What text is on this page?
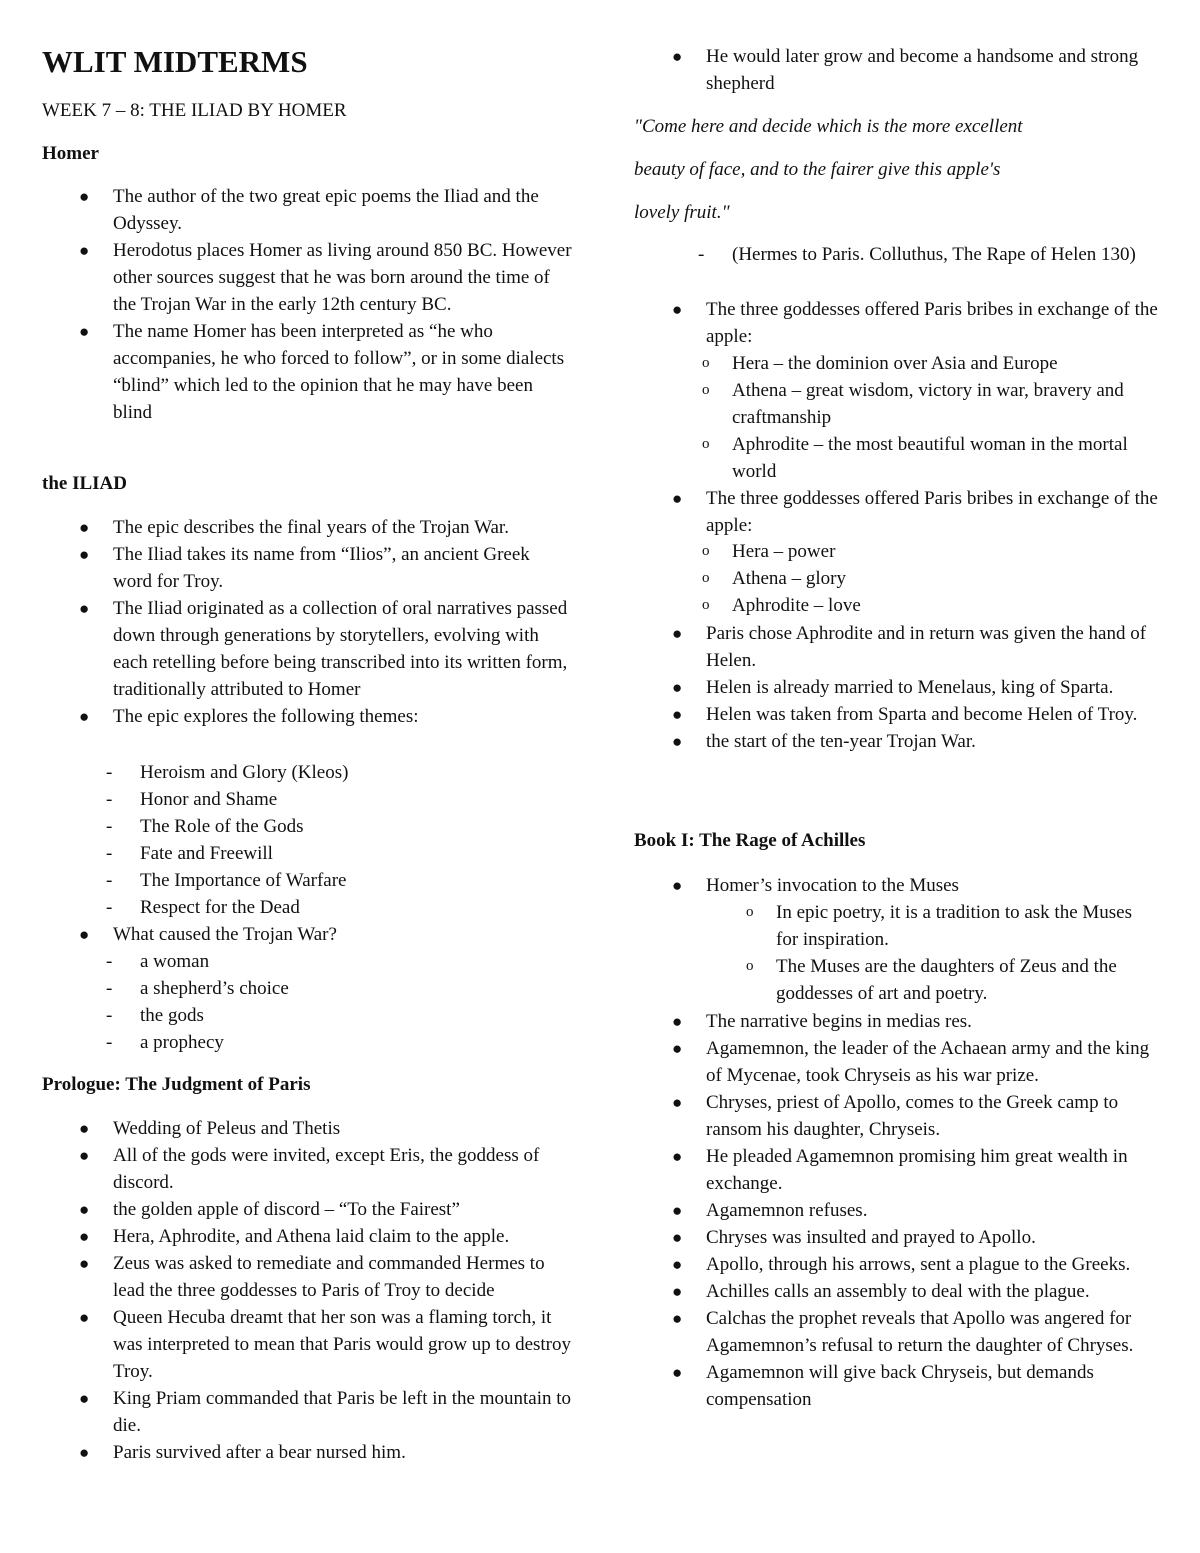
WLIT MIDTERMS

WEEK 7 – 8: THE ILIAD BY HOMER

Homer

● The author of the two great epic poems the Iliad and the Odyssey.
● Herodotus places Homer as living around 850 BC. However other sources suggest that he was born around the time of the Trojan War in the early 12th century BC.
● The name Homer has been interpreted as “he who accompanies, he who forced to follow”, or in some dialects “blind” which led to the opinion that he may have been blind

the ILIAD

● The epic describes the final years of the Trojan War.
● The Iliad takes its name from “Ilios”, an ancient Greek word for Troy.
● The Iliad originated as a collection of oral narratives passed down through generations by storytellers, evolving with each retelling before being transcribed into its written form, traditionally attributed to Homer
● The epic explores the following themes:
- Heroism and Glory (Kleos)
- Honor and Shame
- The Role of the Gods
- Fate and Freewill
- The Importance of Warfare
- Respect for the Dead
● What caused the Trojan War?
- a woman
- a shepherd’s choice
- the gods
- a prophecy

Prologue: The Judgment of Paris

● Wedding of Peleus and Thetis
● All of the gods were invited, except Eris, the goddess of discord.
● the golden apple of discord – “To the Fairest”
● Hera, Aphrodite, and Athena laid claim to the apple.
● Zeus was asked to remediate and commanded Hermes to lead the three goddesses to Paris of Troy to decide
● Queen Hecuba dreamt that her son was a flaming torch, it was interpreted to mean that Paris would grow up to destroy Troy.
● King Priam commanded that Paris be left in the mountain to die.
● Paris survived after a bear nursed him.
● He would later grow and become a handsome and strong shepherd

"Come here and decide which is the more excellent

beauty of face, and to the fairer give this apple's

lovely fruit."

- (Hermes to Paris. Colluthus, The Rape of Helen 130)
● The three goddesses offered Paris bribes in exchange of the apple:
o Hera – the dominion over Asia and Europe
o Athena – great wisdom, victory in war, bravery and craftmanship
o Aphrodite – the most beautiful woman in the mortal world
● The three goddesses offered Paris bribes in exchange of the apple:
o Hera – power
o Athena – glory
o Aphrodite – love
● Paris chose Aphrodite and in return was given the hand of Helen.
● Helen is already married to Menelaus, king of Sparta.
● Helen was taken from Sparta and become Helen of Troy.
● the start of the ten-year Trojan War.

Book I: The Rage of Achilles

● Homer’s invocation to the Muses
o In epic poetry, it is a tradition to ask the Muses for inspiration.
o The Muses are the daughters of Zeus and the goddesses of art and poetry.
● The narrative begins in medias res.
● Agamemnon, the leader of the Achaean army and the king of Mycenae, took Chryseis as his war prize.
● Chryses, priest of Apollo, comes to the Greek camp to ransom his daughter, Chryseis.
● He pleaded Agamemnon promising him great wealth in exchange.
● Agamemnon refuses.
● Chryses was insulted and prayed to Apollo.
● Apollo, through his arrows, sent a plague to the Greeks.
● Achilles calls an assembly to deal with the plague.
● Calchas the prophet reveals that Apollo was angered for Agamemnon’s refusal to return the daughter of Chryses.
● Agamemnon will give back Chryseis, but demands compensation
